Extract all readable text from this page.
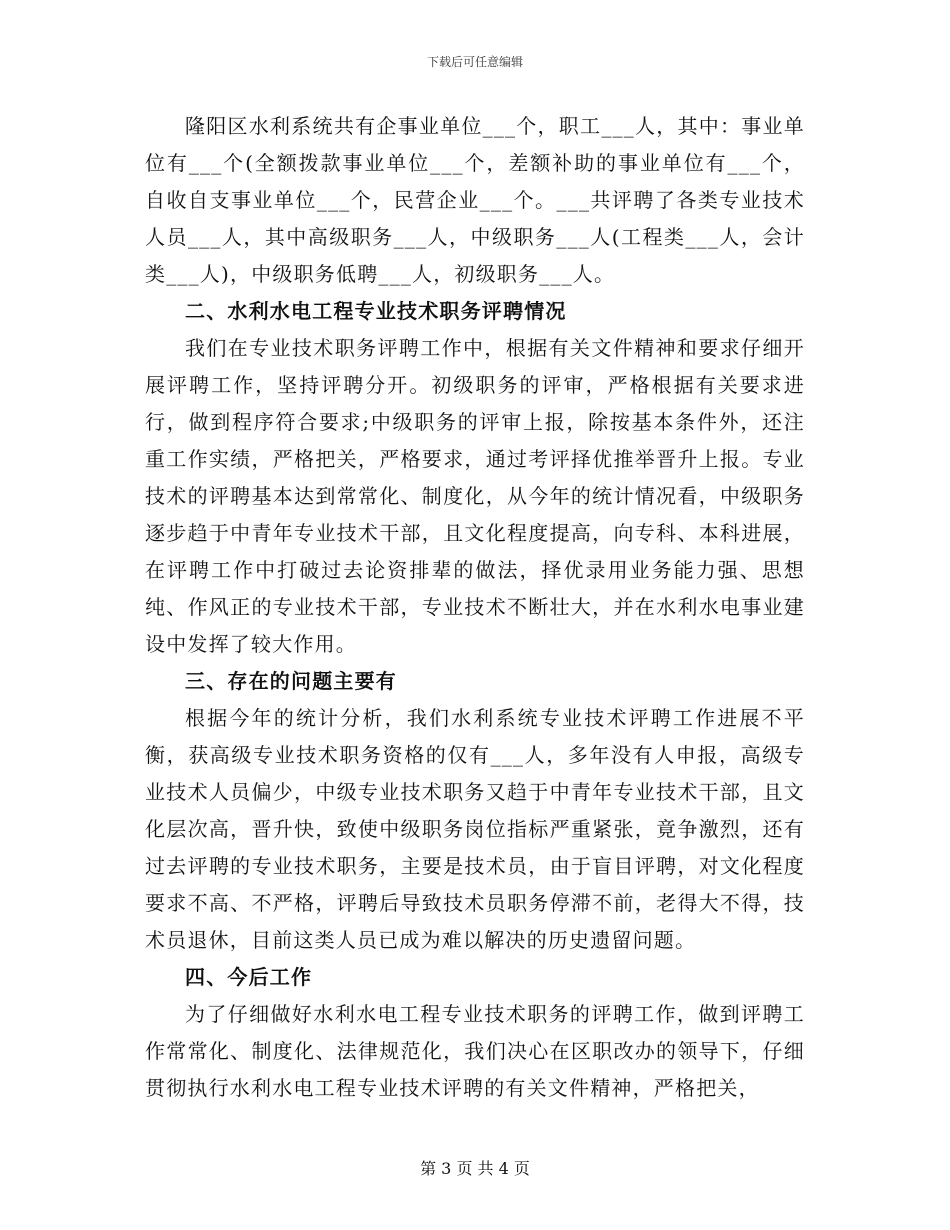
下载后可任意编辑

隆阳区水利系统共有企事业单位___个，职工___人，其中：事业单位有___个(全额拨款事业单位___个，差额补助的事业单位有___个，自收自支事业单位___个，民营企业___个。___共评聘了各类专业技术人员___人，其中高级职务___人，中级职务___人(工程类___人，会计类___人)，中级职务低聘___人，初级职务___人。

二、水利水电工程专业技术职务评聘情况

我们在专业技术职务评聘工作中，根据有关文件精神和要求仔细开展评聘工作，坚持评聘分开。初级职务的评审，严格根据有关要求进行，做到程序符合要求;中级职务的评审上报，除按基本条件外，还注重工作实绩，严格把关，严格要求，通过考评择优推举晋升上报。专业技术的评聘基本达到常常化、制度化，从今年的统计情况看，中级职务逐步趋于中青年专业技术干部，且文化程度提高，向专科、本科进展，在评聘工作中打破过去论资排辈的做法，择优录用业务能力强、思想纯、作风正的专业技术干部，专业技术不断壮大，并在水利水电事业建设中发挥了较大作用。

三、存在的问题主要有

根据今年的统计分析，我们水利系统专业技术评聘工作进展不平衡，获高级专业技术职务资格的仅有___人，多年没有人申报，高级专业技术人员偏少，中级专业技术职务又趋于中青年专业技术干部，且文化层次高，晋升快，致使中级职务岗位指标严重紧张，竟争激烈，还有过去评聘的专业技术职务，主要是技术员，由于盲目评聘，对文化程度要求不高、不严格，评聘后导致技术员职务停滞不前，老得大不得，技术员退休，目前这类人员已成为难以解决的历史遗留问题。

四、今后工作

为了仔细做好水利水电工程专业技术职务的评聘工作，做到评聘工作常常化、制度化、法律规范化，我们决心在区职改办的领导下，仔细贯彻执行水利水电工程专业技术评聘的有关文件精神，严格把关，

第 3 页 共 4 页
